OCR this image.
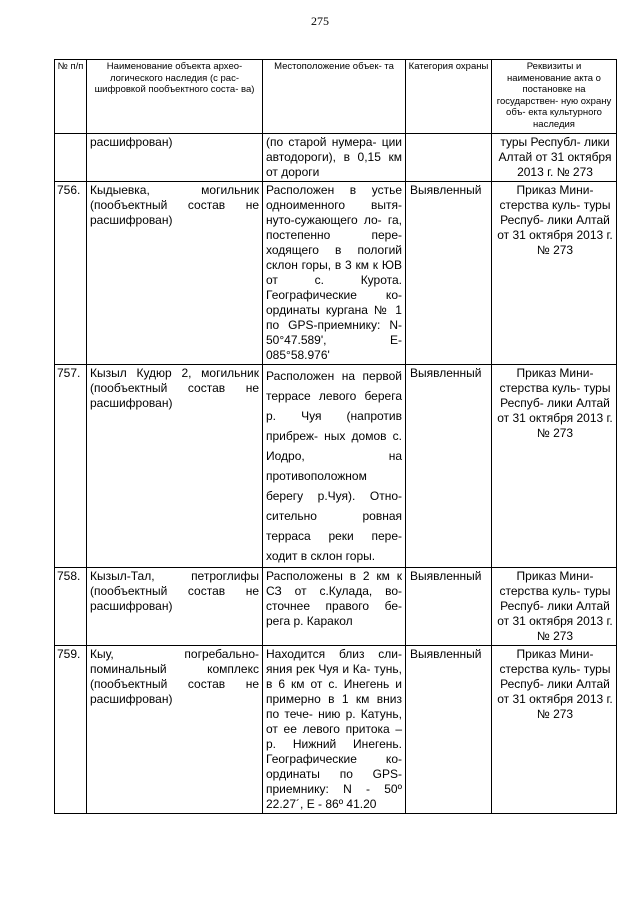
275
№ п/п	Наименование объекта архео- логического наследия (с рас- шифровкой пообъектного соста- ва)	Местоположение объек- та	Категория охраны	Реквизиты и наименование акта о постановке на государствен- ную охрану объ- екта культурного наследия
	расшифрован)	(по старой нумера- ции автодороги), в 0,15 км от дороги		туры Республ- лики Алтай от 31 октября 2013 г. № 273
756.	Кыдыевка, могильник (пообъектный состав не расшифрован)	Расположен в устье одноименного вытя- нуто-сужающего ло- га, постепенно пере- ходящего в пологий склон горы, в 3 км к ЮВ от с. Курота. Географические ко- ординаты кургана № 1 по GPS-приемнику: N-50°47.589', E- 085°58.976'	Выявленный	Приказ Мини- стерства куль- туры Респуб- лики Алтай от 31 октября 2013 г. № 273
757.	Кызыл Кудюр 2, могильник (пообъектный состав не расшифрован)	Расположен на первой террасе левого берега р. Чуя (напротив прибреж- ных домов с. Иодро, на противоположном берегу р.Чуя). Отно- сительно ровная терраса реки пере- ходит в склон горы.	Выявленный	Приказ Мини- стерства куль- туры Респуб- лики Алтай от 31 октября 2013 г. № 273
758.	Кызыл-Тал, петроглифы (пообъектный состав не расшифрован)	Расположены в 2 км к СЗ от с.Кулада, во- сточнее правого бе- рега р. Каракол	Выявленный	Приказ Мини- стерства куль- туры Респуб- лики Алтай от 31 октября 2013 г. № 273
759.	Кыу, погребально- поминальный комплекс (пообъектный состав не расшифрован)	Находится близ сли- яния рек Чуя и Ка- тунь, в 6 км от с. Инегень и примерно в 1 км вниз по тече- нию р. Катунь, от ее левого притока – р. Нижний Инегень. Географические ко- ординаты по GPS- приемнику: N - 50º 22.27´, E - 86º 41.20	Выявленный	Приказ Мини- стерства куль- туры Респуб- лики Алтай от 31 октября 2013 г. № 273
